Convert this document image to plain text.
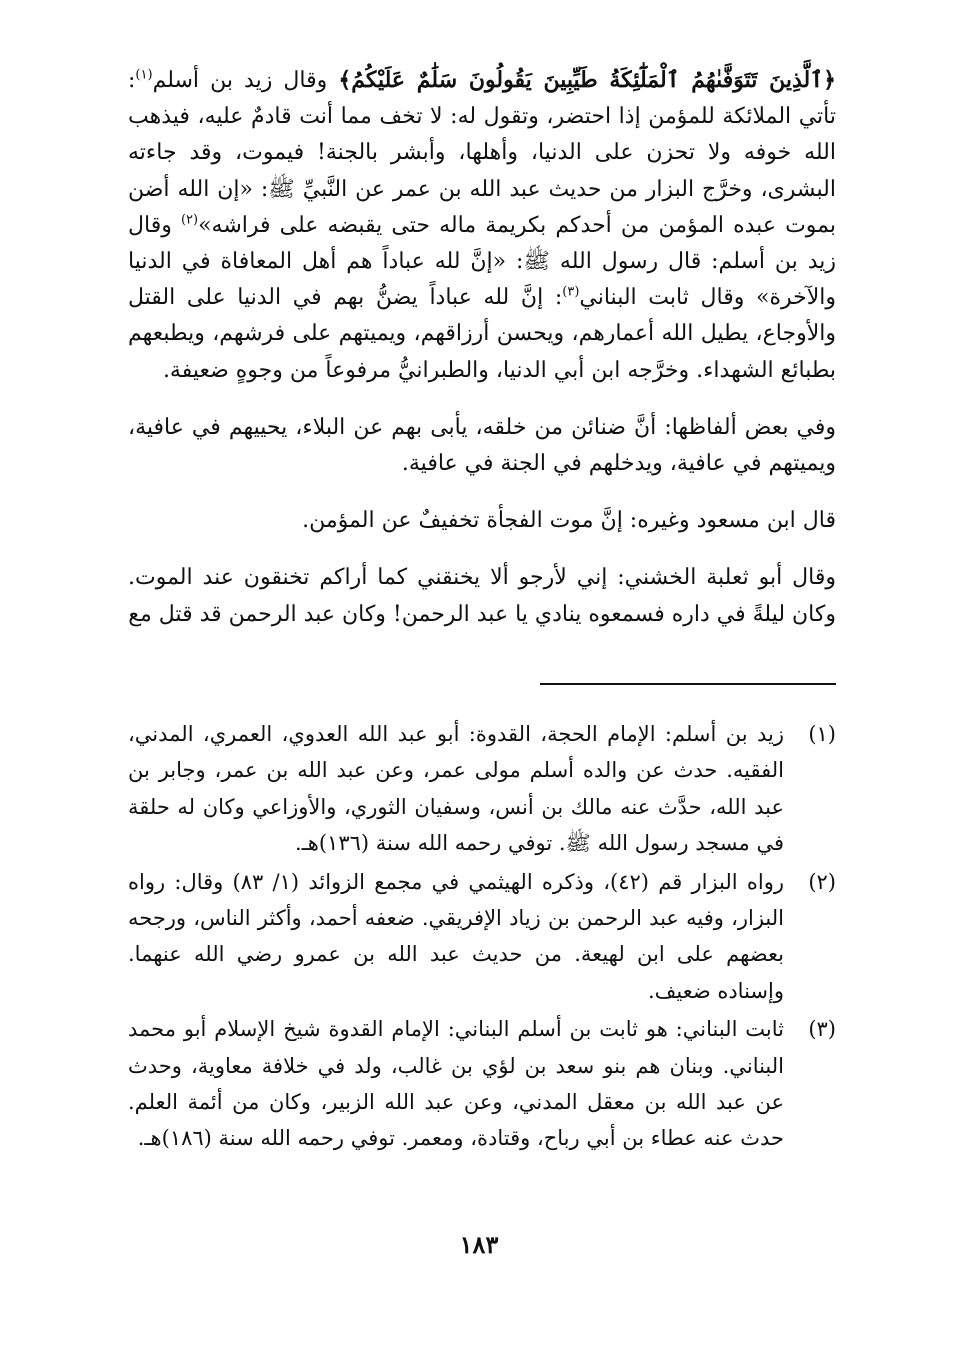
﴿ٱلَّذِينَ تَتَوَفَّىٰهُمُ ٱلْمَلَٰٓئِكَةُ طَيِّبِينَ يَقُولُونَ سَلَٰمٌ عَلَيْكُمُ﴾ وقال زيد بن أسلم$^{(١)}$: تأتي الملائكة للمؤمن إذا احتضر، وتقول له: لا تخف مما أنت قادمٌ عليه، فيذهب الله خوفه ولا تحزن على الدنيا، وأهلها، وأبشر بالجنة! فيموت، وقد جاءته البشرى، وخرَّج البزار من حديث عبد الله بن عمر عن النَّبيِّ ﷺ: «إن الله أضن بموت عبده المؤمن من أحدكم بكريمة ماله حتى يقبضه على فراشه»$^{(٢)}$ وقال زيد بن أسلم: قال رسول الله ﷺ: «إنَّ لله عباداً هم أهل المعافاة في الدنيا والآخرة» وقال ثابت البناني$^{(٣)}$: إنَّ لله عباداً يضنُّ بهم في الدنيا على القتل والأوجاع، يطيل الله أعمارهم، ويحسن أرزاقهم، ويميتهم على فرشهم، ويطبعهم بطبائع الشهداء. وخرَّجه ابن أبي الدنيا، والطبرانيُّ مرفوعاً من وجوهٍ ضعيفة.

وفي بعض ألفاظها: أنَّ ضنائن من خلقه، يأبى بهم عن البلاء، يحييهم في عافية، ويميتهم في عافية، ويدخلهم في الجنة في عافية.

قال ابن مسعود وغيره: إنَّ موت الفجأة تخفيفٌ عن المؤمن.

وقال أبو ثعلبة الخشني: إني لأرجو ألا يخنقني كما أراكم تخنقون عند الموت. وكان ليلةً في داره فسمعوه ينادي يا عبد الرحمن! وكان عبد الرحمن قد قتل مع

(١)
زيد بن أسلم: الإمام الحجة، القدوة: أبو عبد الله العدوي، العمري، المدني، الفقيه. حدث عن والده أسلم مولى عمر، وعن عبد الله بن عمر، وجابر بن عبد الله، حدَّث عنه مالك بن أنس، وسفيان الثوري، والأوزاعي وكان له حلقة في مسجد رسول الله ﷺ. توفي رحمه الله سنة (١٣٦)هـ.
(٢)
رواه البزار قم (٤٢)، وذكره الهيثمي في مجمع الزوائد (١/ ٨٣) وقال: رواه البزار، وفيه عبد الرحمن بن زياد الإفريقي. ضعفه أحمد، وأكثر الناس، ورجحه بعضهم على ابن لهيعة. من حديث عبد الله بن عمرو رضي الله عنهما. وإسناده ضعيف.
(٣)
ثابت البناني: هو ثابت بن أسلم البناني: الإمام القدوة شيخ الإسلام أبو محمد البناني. وبنان هم بنو سعد بن لؤي بن غالب، ولد في خلافة معاوية، وحدث عن عبد الله بن معقل المدني، وعن عبد الله الزبير، وكان من أئمة العلم. حدث عنه عطاء بن أبي رباح، وقتادة، ومعمر. توفي رحمه الله سنة (١٨٦)هـ.
١٨٣
